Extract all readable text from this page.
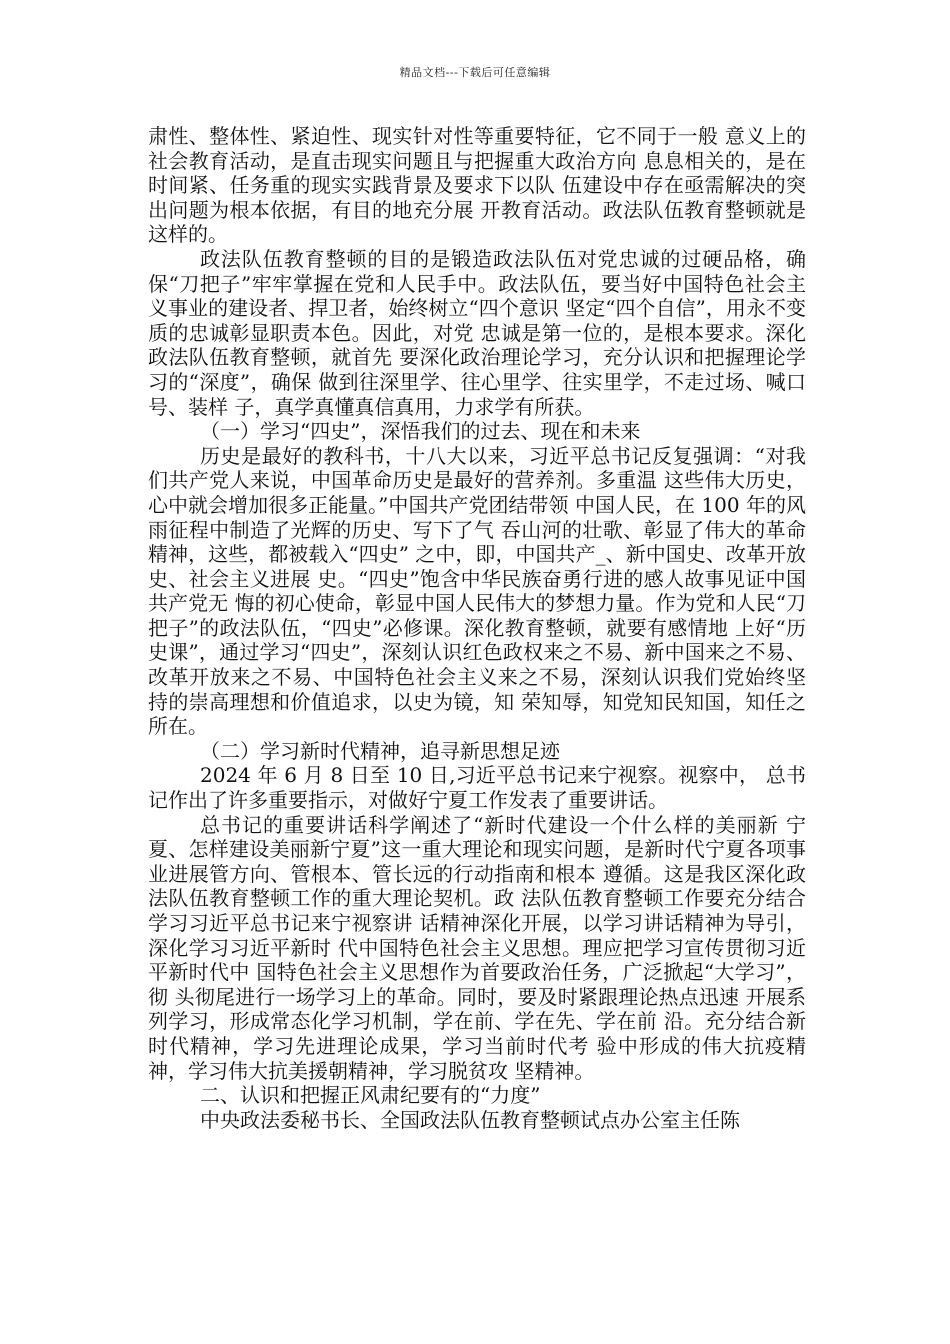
精品文档---下载后可任意编辑

肃性、整体性、紧迫性、现实针对性等重要特征，它不同于一般 意义上的社会教育活动，是直击现实问题且与把握重大政治方向 息息相关的，是在时间紧、任务重的现实实践背景及要求下以队 伍建设中存在亟需解决的突出问题为根本依据，有目的地充分展 开教育活动。政法队伍教育整顿就是这样的。

政法队伍教育整顿的目的是锻造政法队伍对党忠诚的过硬品格，确保“刀把子”牢牢掌握在党和人民手中。政法队伍，要当好中国特色社会主义事业的建设者、捍卫者，始终树立“四个意识 坚定“四个自信”，用永不变质的忠诚彰显职责本色。因此，对党 忠诚是第一位的，是根本要求。深化政法队伍教育整顿，就首先 要深化政治理论学习，充分认识和把握理论学习的“深度”，确保 做到往深里学、往心里学、往实里学，不走过场、喊口号、装样 子，真学真懂真信真用，力求学有所获。

（一）学习“四史”，深悟我们的过去、现在和未来

历史是最好的教科书，十八大以来，习近平总书记反复强调：“对我们共产党人来说，中国革命历史是最好的营养剂。多重温 这些伟大历史，心中就会增加很多正能量。”中国共产党团结带领 中国人民，在 100 年的风雨征程中制造了光辉的历史、写下了气 吞山河的壮歌、彰显了伟大的革命精神，这些，都被载入“四史” 之中，即，中国共产_、新中国史、改革开放史、社会主义进展 史。“四史”饱含中华民族奋勇行进的感人故事见证中国共产党无 悔的初心使命，彰显中国人民伟大的梦想力量。作为党和人民“刀 把子”的政法队伍，“四史”必修课。深化教育整顿，就要有感情地 上好“历史课”，通过学习“四史”，深刻认识红色政权来之不易、新中国来之不易、改革开放来之不易、中国特色社会主义来之不易，深刻认识我们党始终坚持的崇高理想和价值追求，以史为镜，知 荣知辱，知党知民知国，知任之所在。

（二）学习新时代精神，追寻新思想足迹

2024 年 6 月 8 日至 10 日,习近平总书记来宁视察。视察中， 总书记作出了许多重要指示，对做好宁夏工作发表了重要讲话。

总书记的重要讲话科学阐述了“新时代建设一个什么样的美丽新 宁夏、怎样建设美丽新宁夏”这一重大理论和现实问题，是新时代宁夏各项事业进展管方向、管根本、管长远的行动指南和根本 遵循。这是我区深化政法队伍教育整顿工作的重大理论契机。政 法队伍教育整顿工作要充分结合学习习近平总书记来宁视察讲 话精神深化开展，以学习讲话精神为导引，深化学习习近平新时 代中国特色社会主义思想。理应把学习宣传贯彻习近平新时代中 国特色社会主义思想作为首要政治任务，广泛掀起“大学习”，彻 头彻尾进行一场学习上的革命。同时，要及时紧跟理论热点迅速 开展系列学习，形成常态化学习机制，学在前、学在先、学在前 沿。充分结合新时代精神，学习先进理论成果，学习当前时代考 验中形成的伟大抗疫精神，学习伟大抗美援朝精神，学习脱贫攻 坚精神。

二、认识和把握正风肃纪要有的“力度”

中央政法委秘书长、全国政法队伍教育整顿试点办公室主任陈
